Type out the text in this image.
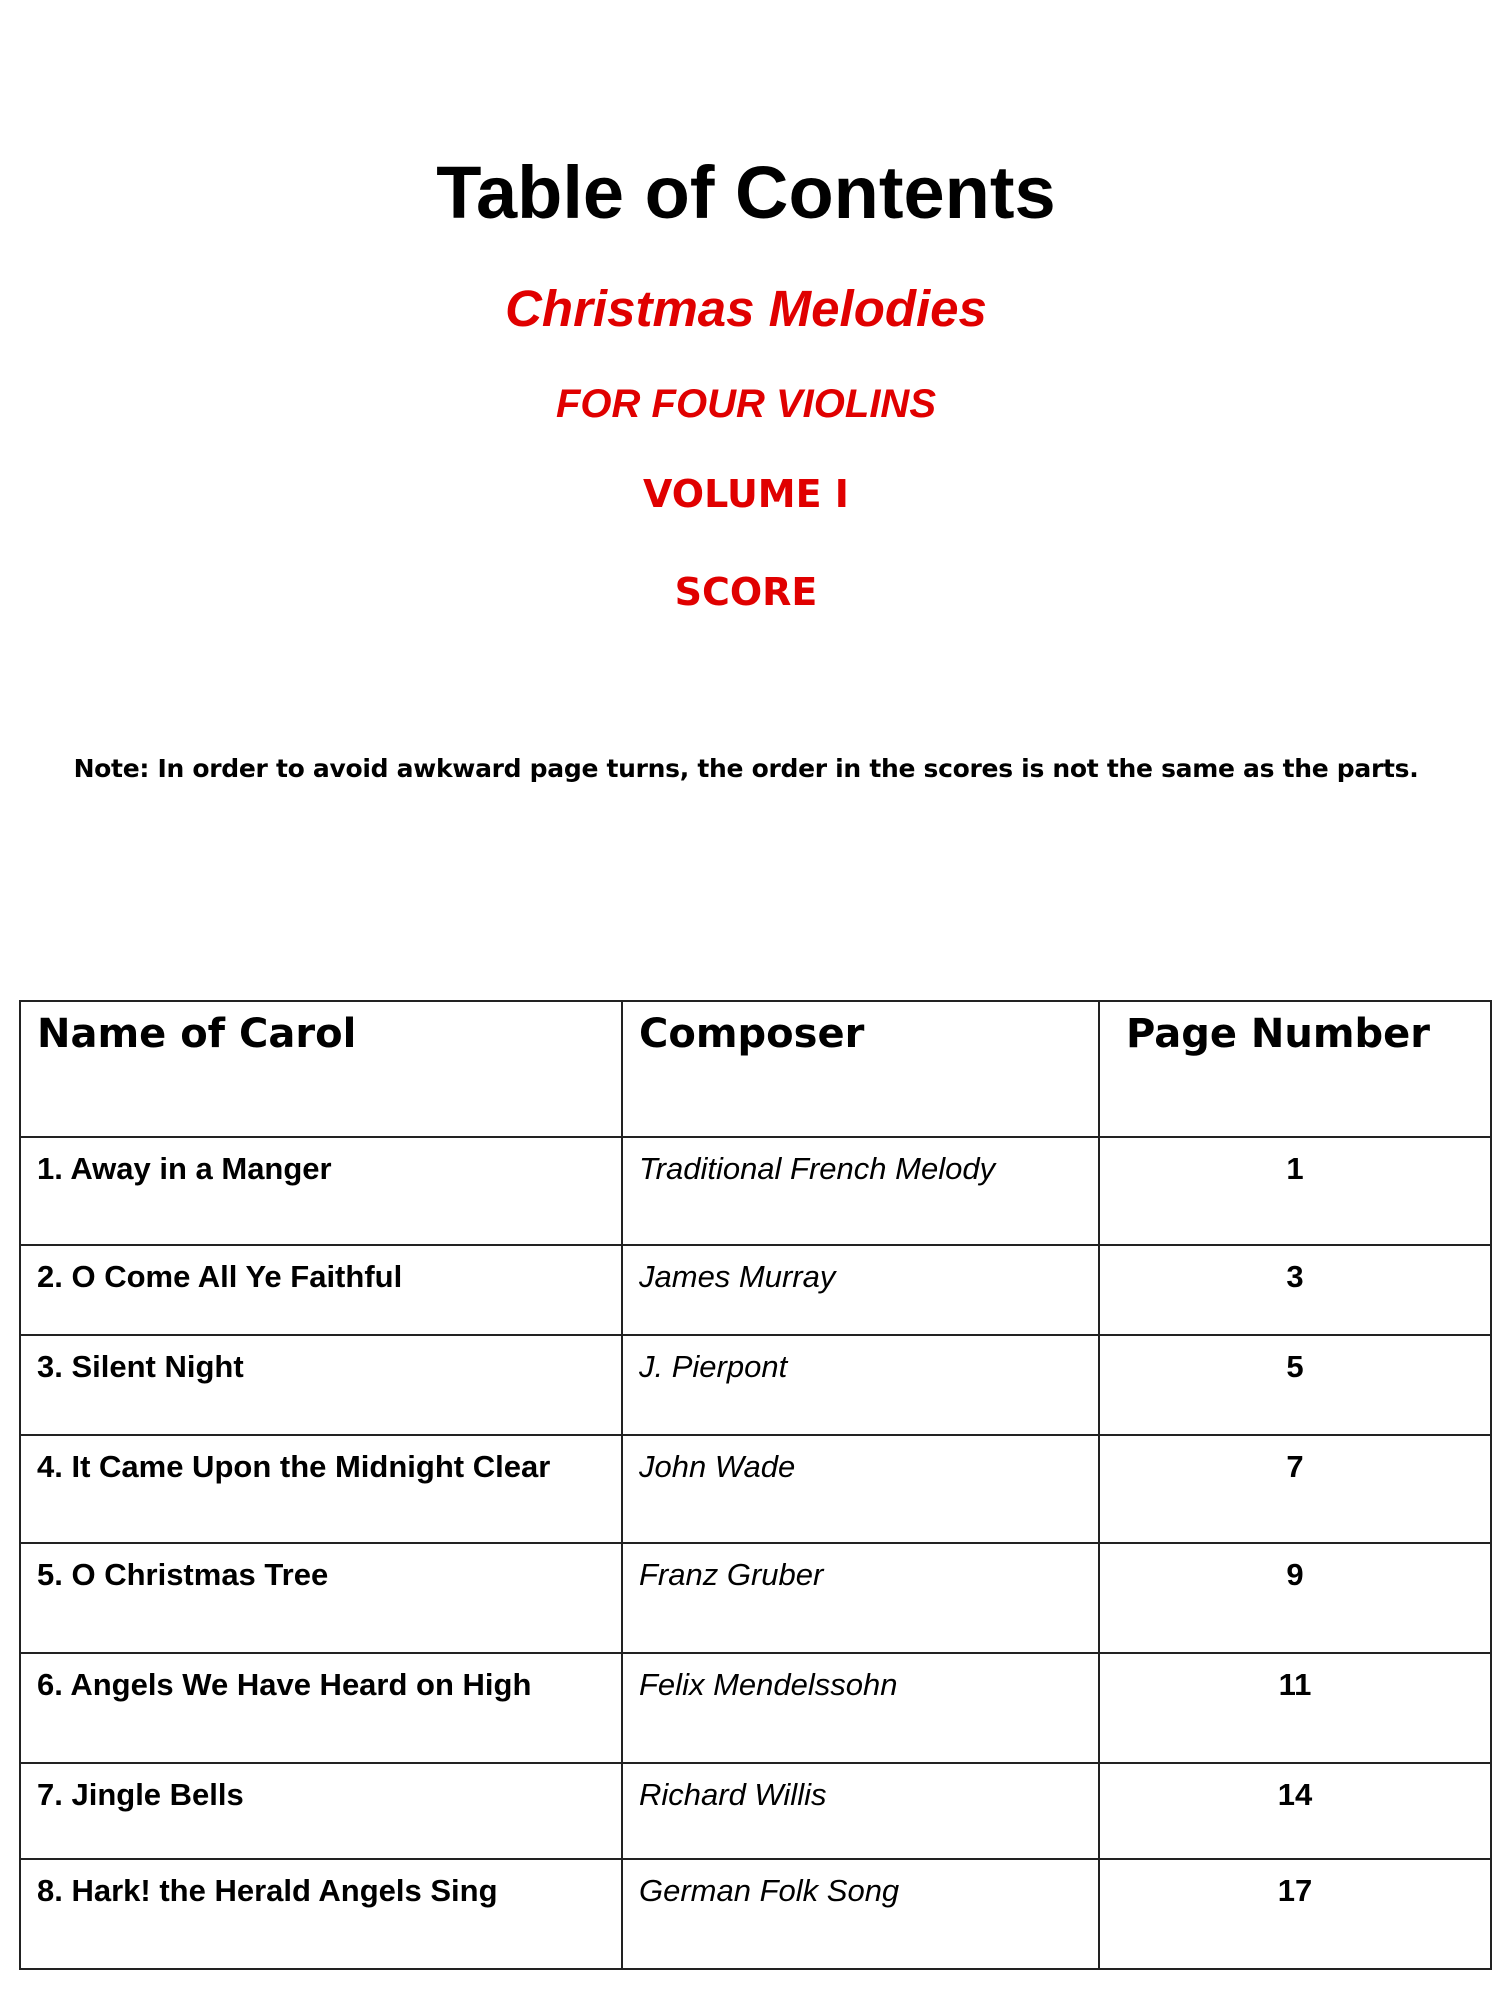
Table of Contents
Christmas Melodies
FOR FOUR VIOLINS
VOLUME I
SCORE
Note: In order to avoid awkward page turns, the order in the scores is not the same as the parts.
Name of Carol	Composer	Page Number
1. Away in a Manger	Traditional French Melody	1
2. O Come All Ye Faithful	James Murray	3
3. Silent Night	J. Pierpont	5
4. It Came Upon the Midnight Clear	John Wade	7
5. O Christmas Tree	Franz Gruber	9
6. Angels We Have Heard on High	Felix Mendelssohn	11
7. Jingle Bells	Richard Willis	14
8. Hark! the Herald Angels Sing	German Folk Song	17
